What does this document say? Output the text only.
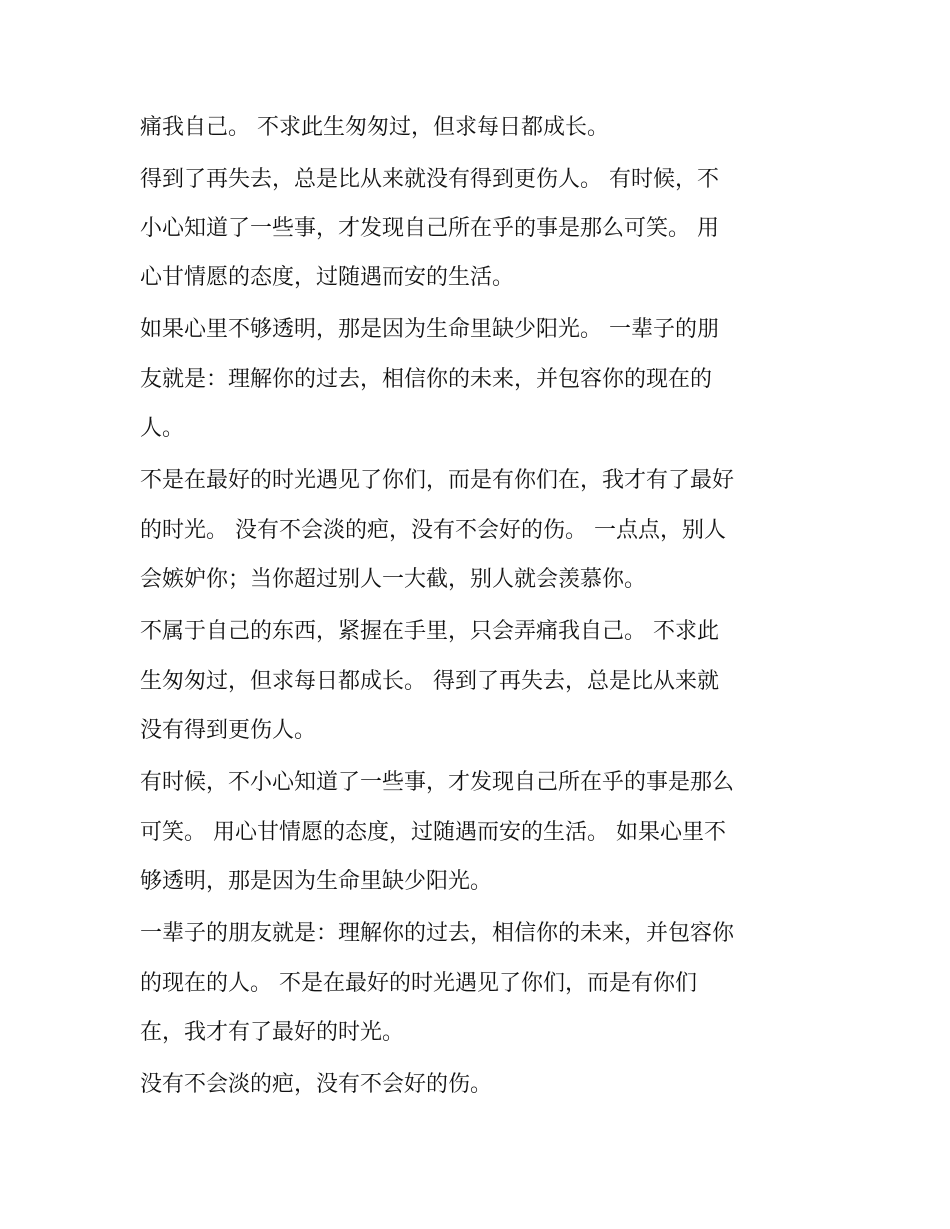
痛我自己。 不求此生匆匆过，但求每日都成长。

得到了再失去，总是比从来就没有得到更伤人。 有时候，不

小心知道了一些事，才发现自己所在乎的事是那么可笑。 用

心甘情愿的态度，过随遇而安的生活。

如果心里不够透明，那是因为生命里缺少阳光。 一辈子的朋

友就是：理解你的过去，相信你的未来，并包容你的现在的

人。

不是在最好的时光遇见了你们，而是有你们在，我才有了最好

的时光。 没有不会淡的疤，没有不会好的伤。 一点点，别人

会嫉妒你；当你超过别人一大截，别人就会羡慕你。

不属于自己的东西，紧握在手里，只会弄痛我自己。 不求此

生匆匆过，但求每日都成长。 得到了再失去，总是比从来就

没有得到更伤人。

有时候，不小心知道了一些事，才发现自己所在乎的事是那么

可笑。 用心甘情愿的态度，过随遇而安的生活。 如果心里不

够透明，那是因为生命里缺少阳光。

一辈子的朋友就是：理解你的过去，相信你的未来，并包容你

的现在的人。 不是在最好的时光遇见了你们，而是有你们

在，我才有了最好的时光。

没有不会淡的疤，没有不会好的伤。
